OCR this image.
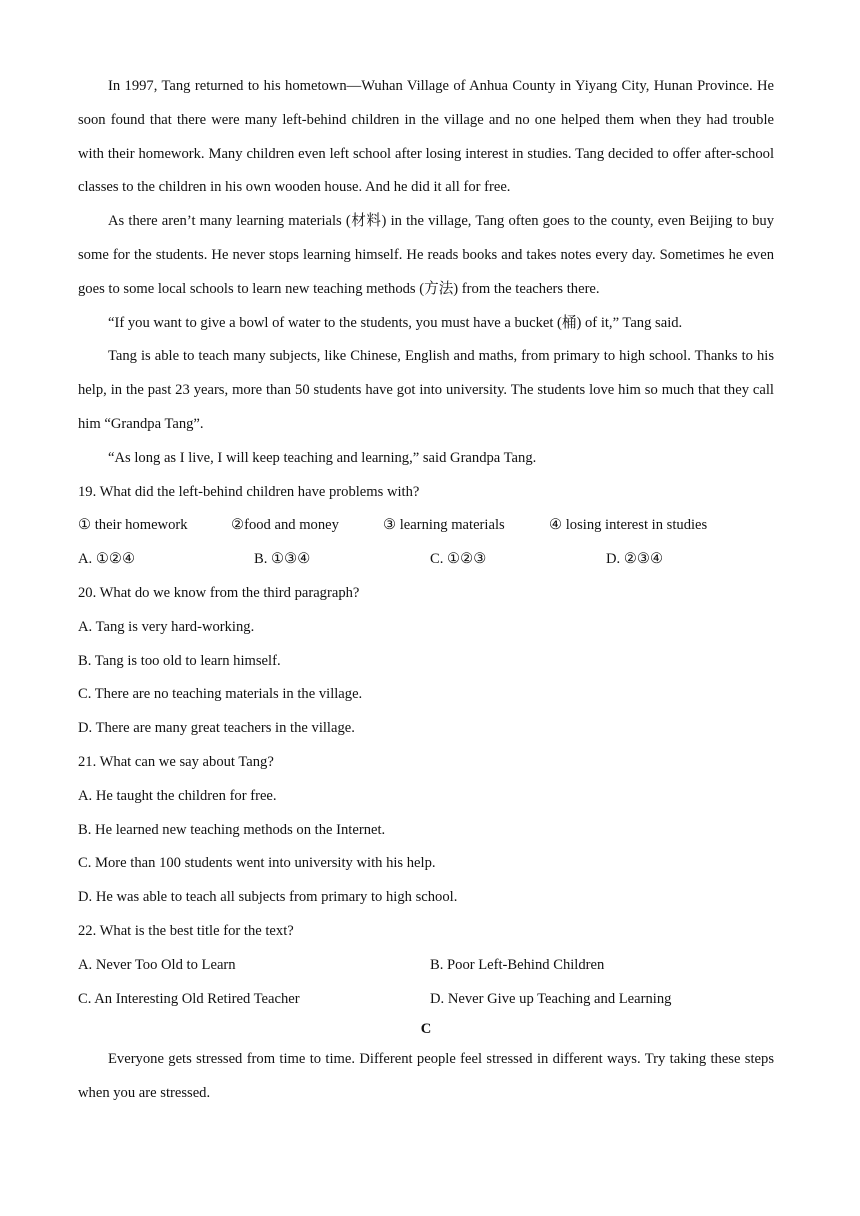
In 1997, Tang returned to his hometown—Wuhan Village of Anhua County in Yiyang City, Hunan Province. He soon found that there were many left-behind children in the village and no one helped them when they had trouble with their homework. Many children even left school after losing interest in studies. Tang decided to offer after-school classes to the children in his own wooden house. And he did it all for free.

As there aren’t many learning materials (材料) in the village, Tang often goes to the county, even Beijing to buy some for the students. He never stops learning himself. He reads books and takes notes every day. Sometimes he even goes to some local schools to learn new teaching methods (方法) from the teachers there.

“If you want to give a bowl of water to the students, you must have a bucket (桶) of it,” Tang said.

Tang is able to teach many subjects, like Chinese, English and maths, from primary to high school. Thanks to his help, in the past 23 years, more than 50 students have got into university. The students love him so much that they call him “Grandpa Tang”.

“As long as I live, I will keep teaching and learning,” said Grandpa Tang.

19. What did the left-behind children have problems with?

① their homework	②food and money	③ learning materials	④ losing interest in studies
A. ①②④	B. ①③④	C. ①②③	D. ②③④

20. What do we know from the third paragraph?

A. Tang is very hard-working.

B. Tang is too old to learn himself.

C. There are no teaching materials in the village.

D. There are many great teachers in the village.

21. What can we say about Tang?

A. He taught the children for free.

B. He learned new teaching methods on the Internet.

C. More than 100 students went into university with his help.

D. He was able to teach all subjects from primary to high school.

22. What is the best title for the text?

A. Never Too Old to Learn	B. Poor Left-Behind Children
C. An Interesting Old Retired Teacher	D. Never Give up Teaching and Learning

C

Everyone gets stressed from time to time. Different people feel stressed in different ways. Try taking these steps when you are stressed.
